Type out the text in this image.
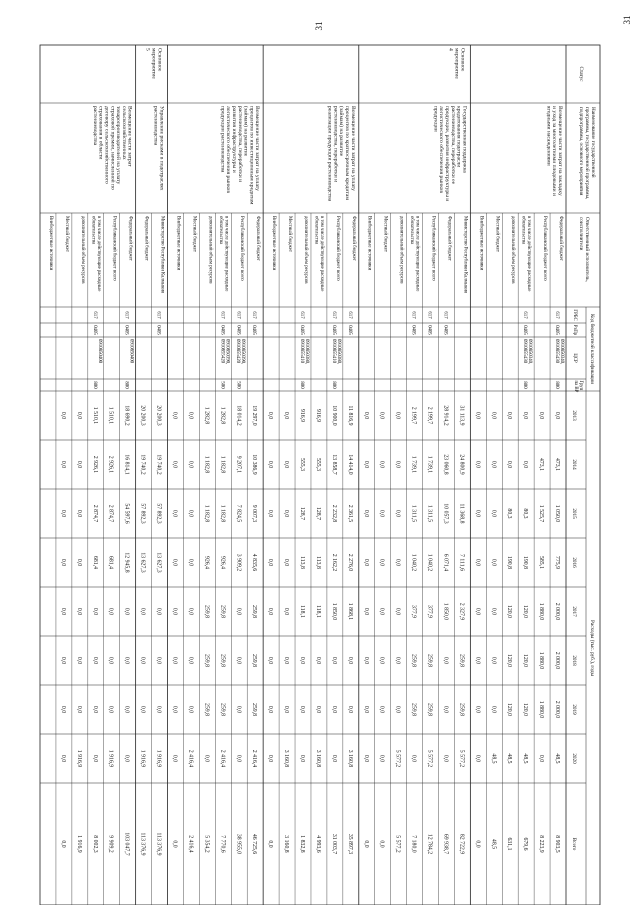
31
31
Статус
Наименование государственнойпрограммы, государственной программы,подпрограммы, основного мероприятия
Ответственный исполнитель,соисполнители
Код бюджетной классификации
ГРБС
РзПр
ЦСР
Группа ВР
Расходы (тыс. руб.), годы
2013
2014
2015
2016
2017
2018
2019
2020
Всего
Возмещение части затрат на закладкуи уход за многолетними плодовыми иягодными насаждениями
Федеральный бюджет
617
0405
0910850340,0910855430
800
0,0
473,1
1 050,0
775,9
2 000,0
2 000,0
2 000,0
48,5
8 903,5
Республиканский бюджет всего
0,0
473,1
1 525,7
585,1
1 880,0
1 880,0
1 880,0
0,0
8 223,9
в том числе действующие расходныеобязательства
617
0405
0910850340,0910855430
800
0,0
0,0
80,3
190,8
120,0
120,0
120,0
48,5
679,6
дополнительный объем ресурсов
0,0
0,0
80,3
190,8
120,0
120,0
120,0
48,5
631,1
Местный бюджет
0,0
0,0
0,0
0,0
0,0
0,0
0,0
48,5
48,5
Внебюджетные источники
0,0
0,0
0,0
0,0
0,0
0,0
0,0
0,0
0,0
Основноемероприятие4
Государственная поддержкакредитования подотраслирастениеводства, переработки еепродукции, развития инфраструктуры илогистического обеспечения рынковпродукции
Министерство Республики Калмыкия
31 113,9
24 800,9
11 368,8
7 111,6
2 327,9
259,8
259,8
5 577,2
82 722,9
Федеральный бюджет
617
0405
28 914,2
23 060,8
10 057,3
6 071,4
1 850,0
0,0
0,0
0,0
69 938,7
Республиканский бюджет всего
617
0405
2 199,7
1 739,1
1 311,5
1 040,2
377,9
259,8
259,8
5 577,2
12 784,2
в том числе действующие расходныеобязательства
617
0405
2 199,7
1 739,1
1 311,5
1 040,2
377,9
259,8
259,8
0,0
7 180,0
дополнительный объем ресурсов
0,0
0,0
0,0
0,0
0,0
0,0
0,0
5 577,2
5 577,2
Местный бюджет
0,0
0,0
0,0
0,0
0,0
0,0
0,0
0,0
0,0
Внебюджетные источники
0,0
0,0
0,0
0,0
0,0
0,0
0,0
0,0
0,0
Возмещение части затрат на уплатупроцентов по краткосрочным кредитам(займам) на развитиерастениеводства, переработки иреализации продукции растениеводства
Федеральный бюджет
617
0405
11 816,9
14 414,0
2 361,5
2 276,0
1 868,1
0,0
0,0
3 160,8
35 897,3
Республиканский бюджет всего
617
0405
0910850380,0910855410
800
10 900,0
13 858,7
2 232,8
2 162,2
1 850,0
0,0
0,0
0,0
31 003,7
в том числе действующие расходныеобязательства
916,9
555,3
128,7
113,8
118,1
0,0
0,0
3 160,8
4 993,6
дополнительный объем ресурсов
617
0405
0910850380,0910855410
800
916,9
555,3
128,7
113,8
118,1
0,0
0,0
0,0
1 832,8
Местный бюджет
0,0
0,0
0,0
0,0
0,0
0,0
0,0
3 160,8
3 160,8
Внебюджетные источники
0,0
0,0
0,0
0,0
0,0
0,0
0,0
0,0
0,0
Возмещение части затрат на уплатупроцентов по инвестиционным кредитам(займам) на развитиерастениеводства, переработки иразвития инфраструктуры илогистического обеспечения рынковпродукции растениеводства
Федеральный бюджет
617
0405
19 297,0
10 386,9
9 007,3
4 835,6
259,8
259,8
259,8
2 416,4
46 725,6
Республиканский бюджет всего
617
0405
0910850390,0910855420
500
18 014,2
9 207,1
7 824,5
3 909,2
0,0
0,0
0,0
0,0
38 955,0
в том числе действующие расходныеобязательства
617
0405
0910850390,0910855420
500
1 282,8
1 182,8
1 182,8
926,4
259,8
259,8
259,8
2 416,4
7 770,6
дополнительный объем ресурсов
1 282,8
1 182,8
1 182,8
926,4
259,8
259,8
259,8
0,0
5 354,2
Местный бюджет
0,0
0,0
0,0
0,0
0,0
0,0
0,0
2 416,4
2 416,4
Внебюджетные источники
0,0
0,0
0,0
0,0
0,0
0,0
0,0
0,0
0,0
Основноемероприятие5
Управление рисками в подотрасляхрастениеводства
Министерство Республики Калмыкия
617
0405
20 200,3
19 740,2
57 892,3
13 627,3
0,0
0,0
0,0
1 916,9
113 376,9
Федеральный бюджет
20 200,3
19 740,2
57 892,3
13 627,3
0,0
0,0
0,0
1 916,9
113 376,9
Возмещение части затратсельскохозяйственныхтоваропроизводителей на уплатустраховой премии, начисленной подоговору сельскохозяйственногострахования в областирастениеводства
Федеральный бюджет
617
0405
0910850400
800
18 690,2
16 814,1
54 597,6
12 945,8
0,0
0,0
0,0
0,0
103 047,7
Республиканский бюджет всего
1 510,1
2 926,1
2 874,7
681,4
0,0
0,0
0,0
1 916,9
9 909,2
в том числе действующие расходныеобязательства
617
0405
0910850400
800
1 510,1
2 926,1
2 874,7
681,4
0,0
0,0
0,0
0,0
8 002,3
дополнительный объем ресурсов
0,0
0,0
0,0
0,0
0,0
0,0
0,0
1 916,9
1 916,9
Местный бюджет
0,0
0,0
0,0
0,0
0,0
0,0
0,0
0,0
0,0
Внебюджетные источники
